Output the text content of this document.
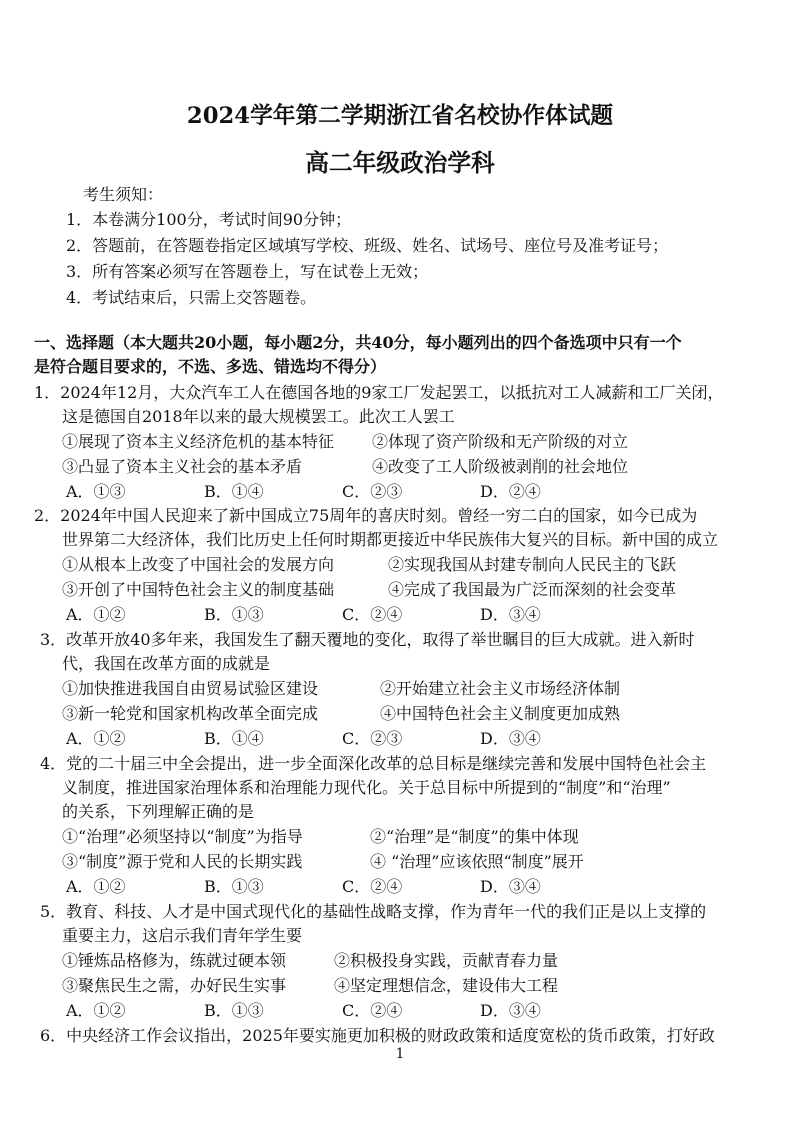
2024学年第二学期浙江省名校协作体试题
高二年级政治学科
考生须知：
1．本卷满分100分，考试时间90分钟；
2．答题前，在答题卷指定区域填写学校、班级、姓名、试场号、座位号及准考证号；
3．所有答案必须写在答题卷上，写在试卷上无效；
4．考试结束后，只需上交答题卷。
一、选择题（本大题共20小题，每小题2分，共40分，每小题列出的四个备选项中只有一个
是符合题目要求的，不选、多选、错选均不得分）
1．2024年12月，大众汽车工人在德国各地的9家工厂发起罢工，以抵抗对工人减薪和工厂关闭，
这是德国自2018年以来的最大规模罢工。此次工人罢工
①展现了资本主义经济危机的基本特征 ②体现了资产阶级和无产阶级的对立
③凸显了资本主义社会的基本矛盾	④改变了工人阶级被剥削的社会地位
A．①③	B．①④	C．②③	D．②④
2．2024年中国人民迎来了新中国成立75周年的喜庆时刻。曾经一穷二白的国家，如今已成为
世界第二大经济体，我们比历史上任何时期都更接近中华民族伟大复兴的目标。新中国的成立
①从根本上改变了中国社会的发展方向	②实现我国从封建专制向人民民主的飞跃
③开创了中国特色社会主义的制度基础	④完成了我国最为广泛而深刻的社会变革
A．①②	B．①③	C．②④	D．③④
3．改革开放40多年来，我国发生了翻天覆地的变化，取得了举世瞩目的巨大成就。进入新时
代，我国在改革方面的成就是
①加快推进我国自由贸易试验区建设	②开始建立社会主义市场经济体制
③新一轮党和国家机构改革全面完成	④中国特色社会主义制度更加成熟
A．①②	B．①④	C．②③	D．③④
4．党的二十届三中全会提出，进一步全面深化改革的总目标是继续完善和发展中国特色社会主
义制度，推进国家治理体系和治理能力现代化。关于总目标中所提到的“制度”和“治理”
的关系，下列理解正确的是
①“治理”必须坚持以“制度”为指导	②“治理”是“制度”的集中体现
③“制度”源于党和人民的长期实践	④ “治理”应该依照“制度”展开
A．①②	B．①③	C．②④	D．③④
5．教育、科技、人才是中国式现代化的基础性战略支撑，作为青年一代的我们正是以上支撑的
重要主力，这启示我们青年学生要
①锤炼品格修为，练就过硬本领	②积极投身实践，贡献青春力量
③聚焦民生之需，办好民生实事	④坚定理想信念，建设伟大工程
A．①②	B．①③	C．②④	D．③④
6．中央经济工作会议指出，2025年要实施更加积极的财政政策和适度宽松的货币政策，打好政
1
